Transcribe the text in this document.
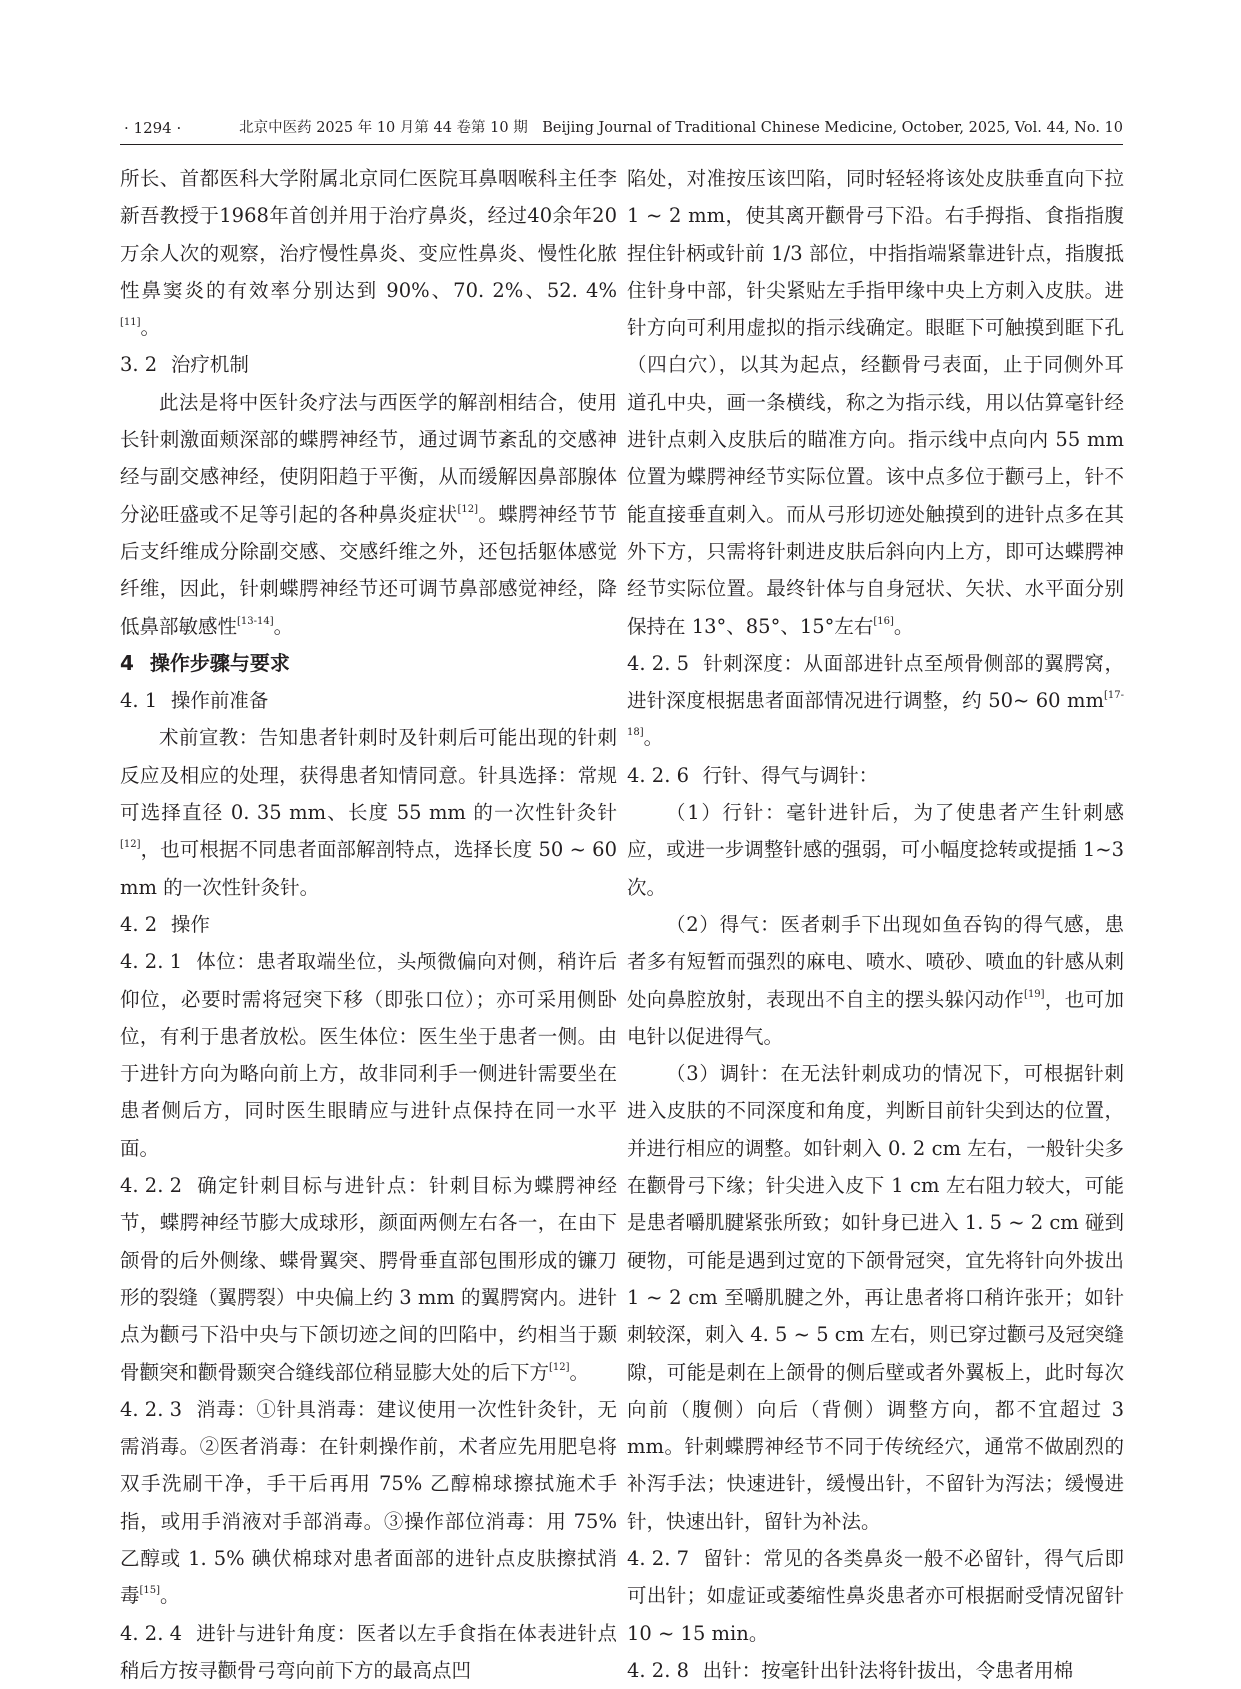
· 1294 ·	北京中医药 2025 年 10 月第 44 卷第 10 期　Beijing Journal of Traditional Chinese Medicine, October, 2025, Vol. 44, No. 10

所长、首都医科大学附属北京同仁医院耳鼻咽喉科主任李新吾教授于1968年首创并用于治疗鼻炎，经过40余年20万余人次的观察，治疗慢性鼻炎、变应性鼻炎、慢性化脓性鼻窦炎的有效率分别达到 90%、70. 2%、52. 4%[11]。

3. 2 治疗机制

此法是将中医针灸疗法与西医学的解剖相结合，使用长针刺激面颊深部的蝶腭神经节，通过调节紊乱的交感神经与副交感神经，使阴阳趋于平衡，从而缓解因鼻部腺体分泌旺盛或不足等引起的各种鼻炎症状[12]。蝶腭神经节节后支纤维成分除副交感、交感纤维之外，还包括躯体感觉纤维，因此，针刺蝶腭神经节还可调节鼻部感觉神经，降低鼻部敏感性[13-14]。

4 操作步骤与要求

4. 1 操作前准备

术前宣教：告知患者针刺时及针刺后可能出现的针刺反应及相应的处理，获得患者知情同意。针具选择：常规可选择直径 0. 35 mm、长度 55 mm 的一次性针灸针[12]，也可根据不同患者面部解剖特点，选择长度 50 ~ 60 mm 的一次性针灸针。

4. 2 操作

4. 2. 1 体位：患者取端坐位，头颅微偏向对侧，稍许后仰位，必要时需将冠突下移（即张口位）；亦可采用侧卧位，有利于患者放松。医生体位：医生坐于患者一侧。由于进针方向为略向前上方，故非同利手一侧进针需要坐在患者侧后方，同时医生眼睛应与进针点保持在同一水平面。

4. 2. 2 确定针刺目标与进针点：针刺目标为蝶腭神经节，蝶腭神经节膨大成球形，颜面两侧左右各一，在由下颌骨的后外侧缘、蝶骨翼突、腭骨垂直部包围形成的镰刀形的裂缝（翼腭裂）中央偏上约 3 mm 的翼腭窝内。进针点为颧弓下沿中央与下颌切迹之间的凹陷中，约相当于颞骨颧突和颧骨颞突合缝线部位稍显膨大处的后下方[12]。

4. 2. 3 消毒：①针具消毒：建议使用一次性针灸针，无需消毒。②医者消毒：在针刺操作前，术者应先用肥皂将双手洗刷干净，手干后再用 75% 乙醇棉球擦拭施术手指，或用手消液对手部消毒。③操作部位消毒：用 75% 乙醇或 1. 5% 碘伏棉球对患者面部的进针点皮肤擦拭消毒[15]。

4. 2. 4 进针与进针角度：医者以左手食指在体表进针点稍后方按寻颧骨弓弯向前下方的最高点凹

陷处，对准按压该凹陷，同时轻轻将该处皮肤垂直向下拉 1 ~ 2 mm，使其离开颧骨弓下沿。右手拇指、食指指腹捏住针柄或针前 1/3 部位，中指指端紧靠进针点，指腹抵住针身中部，针尖紧贴左手指甲缘中央上方刺入皮肤。进针方向可利用虚拟的指示线确定。眼眶下可触摸到眶下孔（四白穴），以其为起点，经颧骨弓表面，止于同侧外耳道孔中央，画一条横线，称之为指示线，用以估算毫针经进针点刺入皮肤后的瞄准方向。指示线中点向内 55 mm 位置为蝶腭神经节实际位置。该中点多位于颧弓上，针不能直接垂直刺入。而从弓形切迹处触摸到的进针点多在其外下方，只需将针刺进皮肤后斜向内上方，即可达蝶腭神经节实际位置。最终针体与自身冠状、矢状、水平面分别保持在 13°、85°、15°左右[16]。

4. 2. 5 针刺深度：从面部进针点至颅骨侧部的翼腭窝，进针深度根据患者面部情况进行调整，约 50~ 60 mm[17-18]。

4. 2. 6 行针、得气与调针：

（1）行针：毫针进针后，为了使患者产生针刺感应，或进一步调整针感的强弱，可小幅度捻转或提插 1~3 次。

（2）得气：医者刺手下出现如鱼吞钩的得气感，患者多有短暂而强烈的麻电、喷水、喷砂、喷血的针感从刺处向鼻腔放射，表现出不自主的摆头躲闪动作[19]，也可加电针以促进得气。

（3）调针：在无法针刺成功的情况下，可根据针刺进入皮肤的不同深度和角度，判断目前针尖到达的位置，并进行相应的调整。如针刺入 0. 2 cm 左右，一般针尖多在颧骨弓下缘；针尖进入皮下 1 cm 左右阻力较大，可能是患者嚼肌腱紧张所致；如针身已进入 1. 5 ~ 2 cm 碰到硬物，可能是遇到过宽的下颌骨冠突，宜先将针向外拔出 1 ~ 2 cm 至嚼肌腱之外，再让患者将口稍许张开；如针刺较深，刺入 4. 5 ~ 5 cm 左右，则已穿过颧弓及冠突缝隙，可能是刺在上颌骨的侧后壁或者外翼板上，此时每次向前（腹侧）向后（背侧）调整方向，都不宜超过 3 mm。针刺蝶腭神经节不同于传统经穴，通常不做剧烈的补泻手法；快速进针，缓慢出针，不留针为泻法；缓慢进针，快速出针，留针为补法。

4. 2. 7 留针：常见的各类鼻炎一般不必留针，得气后即可出针；如虚证或萎缩性鼻炎患者亦可根据耐受情况留针 10 ~ 15 min。

4. 2. 8 出针：按毫针出针法将针拔出，令患者用棉
